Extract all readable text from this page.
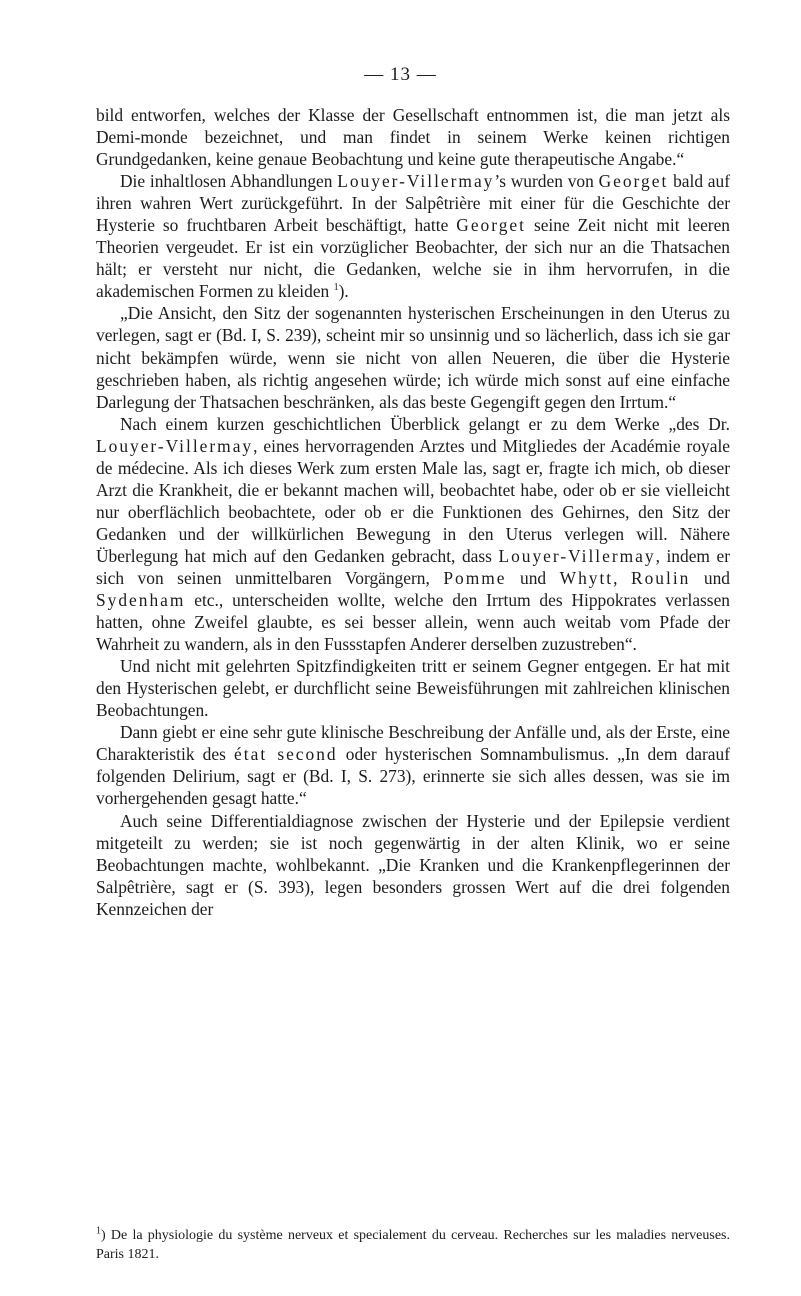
— 13 —

bild entworfen, welches der Klasse der Gesellschaft entnommen ist, die man jetzt als Demi-monde bezeichnet, und man findet in seinem Werke keinen richtigen Grundgedanken, keine genaue Beobachtung und keine gute therapeutische Angabe.“

Die inhaltlosen Abhandlungen Louyer-Villermay’s wurden von Georget bald auf ihren wahren Wert zurückgeführt. In der Salpêtrière mit einer für die Geschichte der Hysterie so fruchtbaren Arbeit beschäftigt, hatte Georget seine Zeit nicht mit leeren Theorien vergeudet. Er ist ein vorzüglicher Beobachter, der sich nur an die Thatsachen hält; er versteht nur nicht, die Gedanken, welche sie in ihm hervorrufen, in die akademischen Formen zu kleiden $^1$).

„Die Ansicht, den Sitz der sogenannten hysterischen Erscheinungen in den Uterus zu verlegen, sagt er (Bd. I, S. 239), scheint mir so unsinnig und so lächerlich, dass ich sie gar nicht bekämpfen würde, wenn sie nicht von allen Neueren, die über die Hysterie geschrieben haben, als richtig angesehen würde; ich würde mich sonst auf eine einfache Darlegung der Thatsachen beschränken, als das beste Gegengift gegen den Irrtum.“

Nach einem kurzen geschichtlichen Überblick gelangt er zu dem Werke „des Dr. Louyer-Villermay, eines hervorragenden Arztes und Mitgliedes der Académie royale de médecine. Als ich dieses Werk zum ersten Male las, sagt er, fragte ich mich, ob dieser Arzt die Krankheit, die er bekannt machen will, beobachtet habe, oder ob er sie vielleicht nur oberflächlich beobachtete, oder ob er die Funktionen des Gehirnes, den Sitz der Gedanken und der willkürlichen Bewegung in den Uterus verlegen will. Nähere Überlegung hat mich auf den Gedanken gebracht, dass Louyer-Villermay, indem er sich von seinen unmittelbaren Vorgängern, Pomme und Whytt, Roulin und Sydenham etc., unterscheiden wollte, welche den Irrtum des Hippokrates verlassen hatten, ohne Zweifel glaubte, es sei besser allein, wenn auch weitab vom Pfade der Wahrheit zu wandern, als in den Fussstapfen Anderer derselben zuzustreben“.

Und nicht mit gelehrten Spitzfindigkeiten tritt er seinem Gegner entgegen. Er hat mit den Hysterischen gelebt, er durchflicht seine Beweisführungen mit zahlreichen klinischen Beobachtungen.

Dann giebt er eine sehr gute klinische Beschreibung der Anfälle und, als der Erste, eine Charakteristik des état second oder hysterischen Somnambulismus. „In dem darauf folgenden Delirium, sagt er (Bd. I, S. 273), erinnerte sie sich alles dessen, was sie im vorhergehenden gesagt hatte.“

Auch seine Differentialdiagnose zwischen der Hysterie und der Epilepsie verdient mitgeteilt zu werden; sie ist noch gegenwärtig in der alten Klinik, wo er seine Beobachtungen machte, wohlbekannt. „Die Kranken und die Krankenpflegerinnen der Salpêtrière, sagt er (S. 393), legen besonders grossen Wert auf die drei folgenden Kennzeichen der

$^1$) De la physiologie du système nerveux et specialement du cerveau. Recherches sur les maladies nerveuses. Paris 1821.
